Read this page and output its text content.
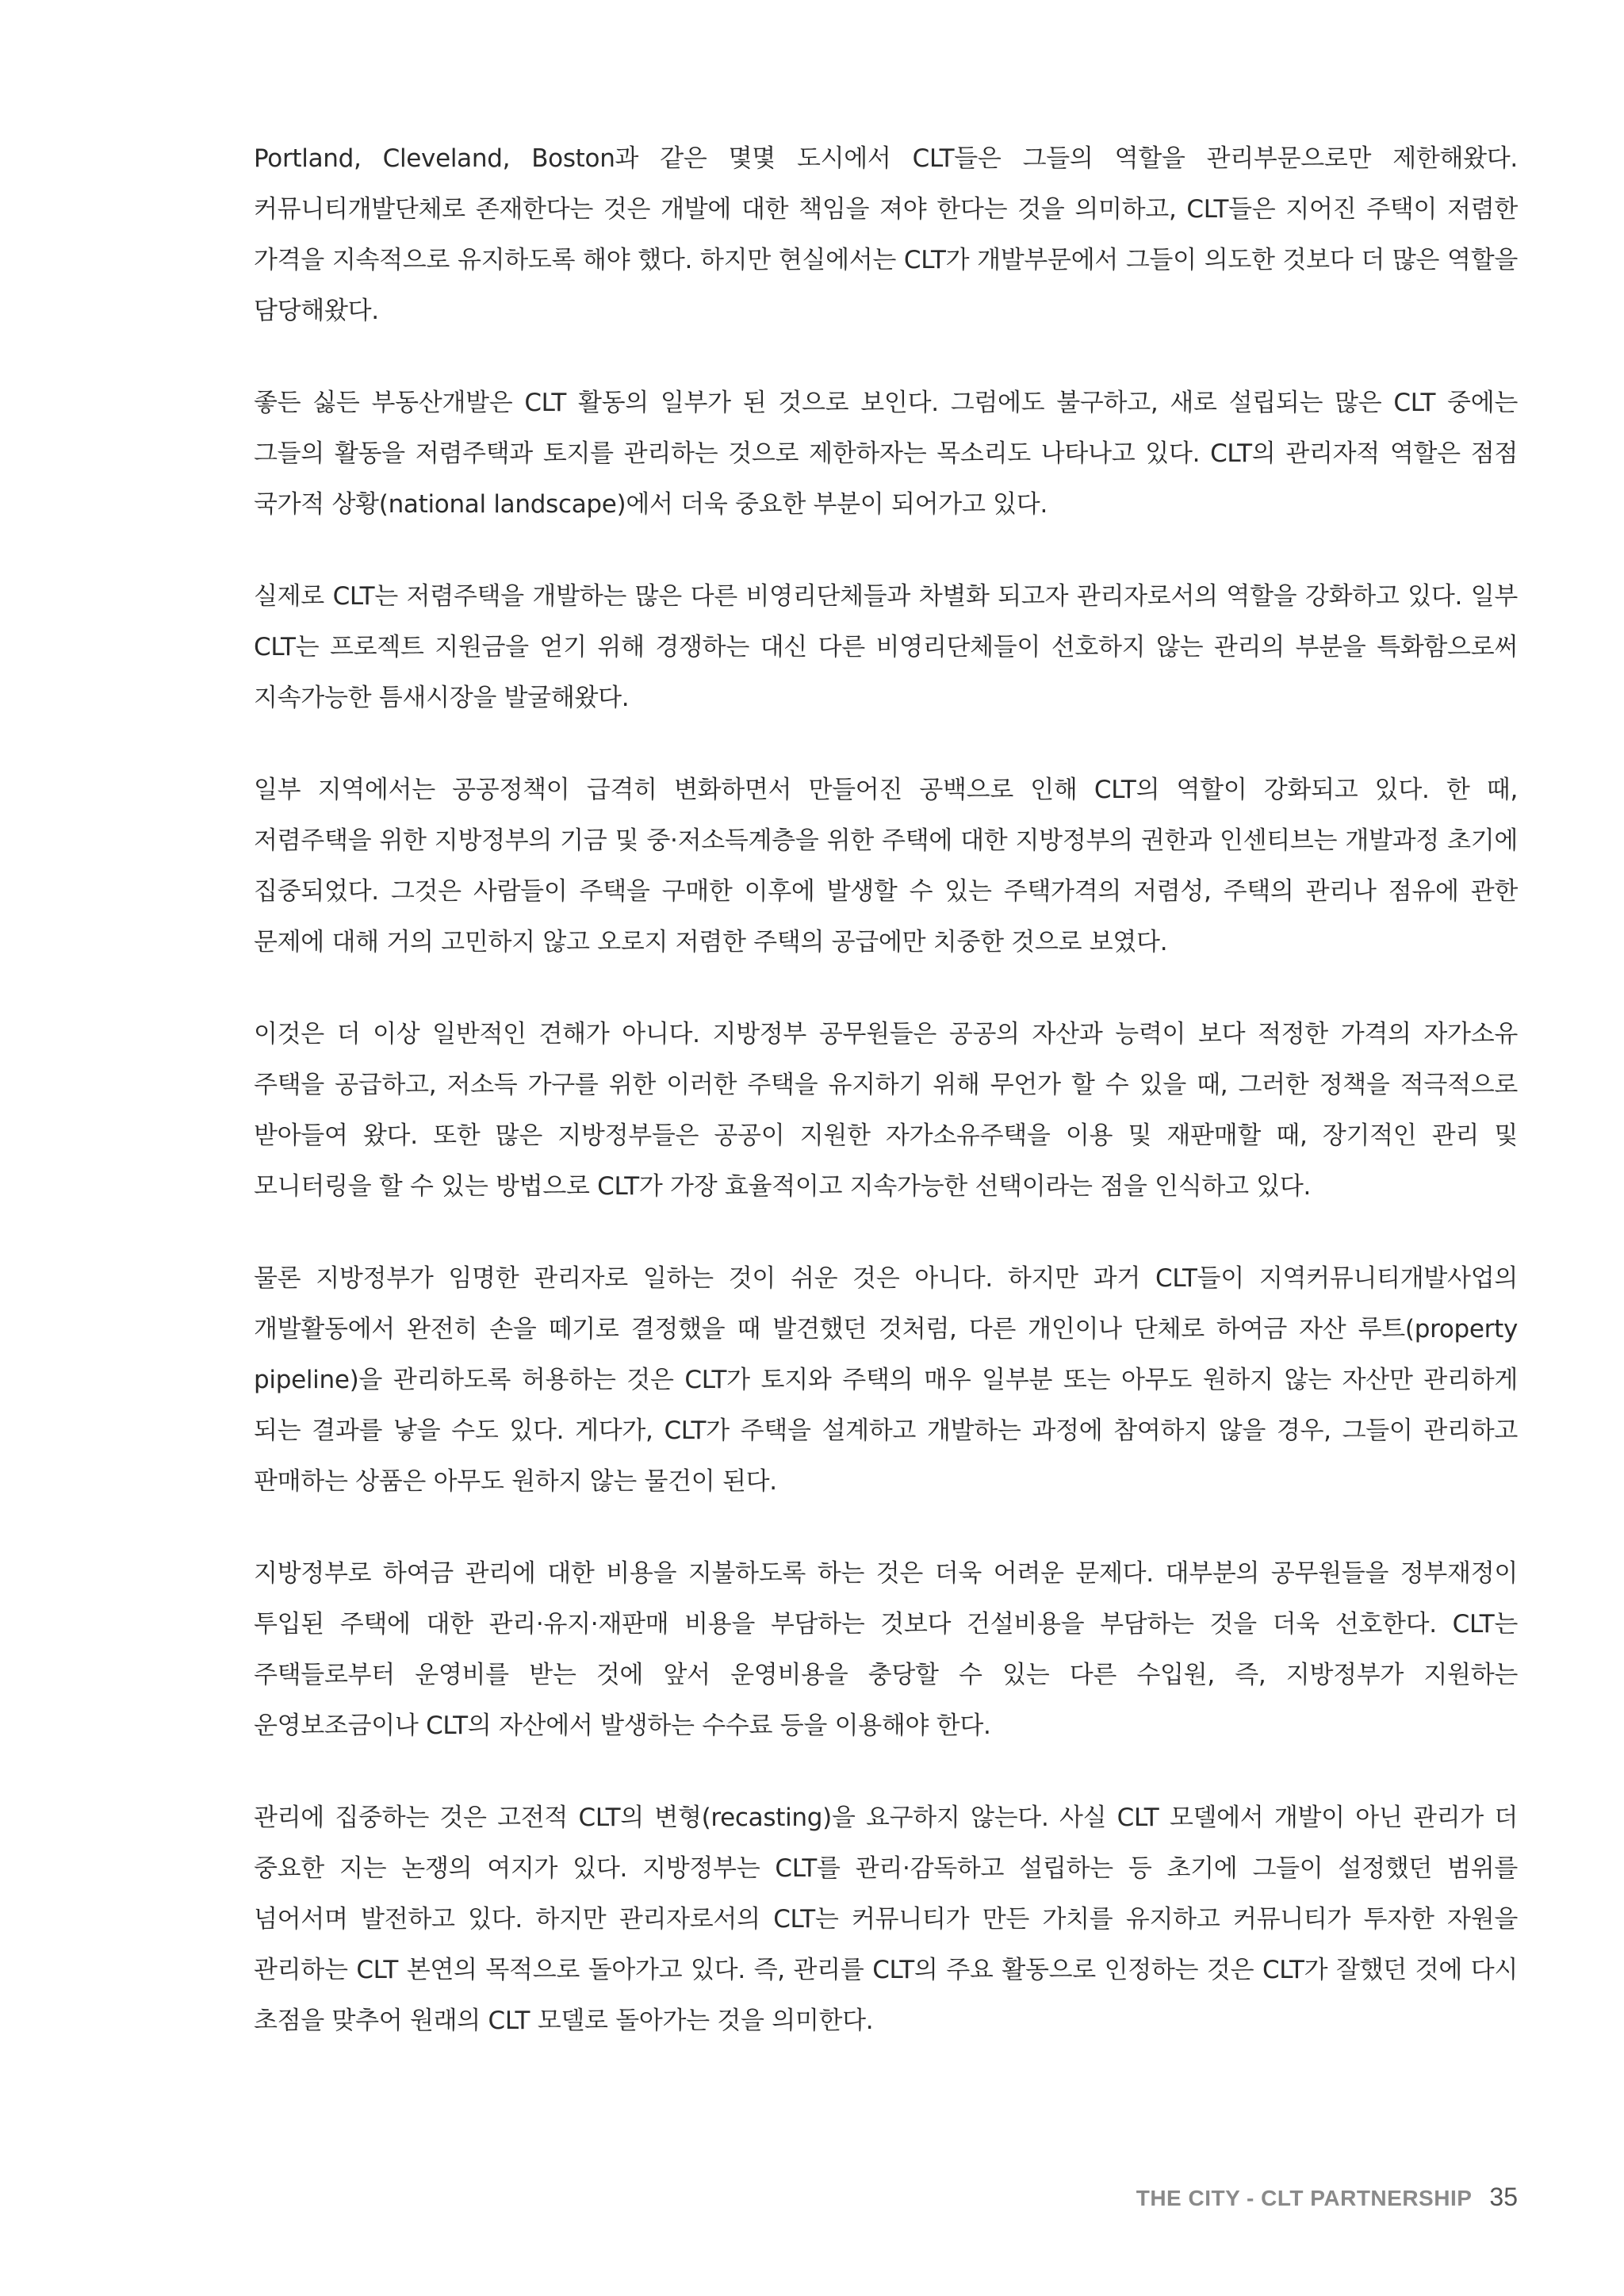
Portland, Cleveland, Boston과 같은 몇몇 도시에서 CLT들은 그들의 역할을 관리부문으로만 제한해왔다. 커뮤니티개발단체로 존재한다는 것은 개발에 대한 책임을 져야 한다는 것을 의미하고, CLT들은 지어진 주택이 저렴한 가격을 지속적으로 유지하도록 해야 했다. 하지만 현실에서는 CLT가 개발부문에서 그들이 의도한 것보다 더 많은 역할을 담당해왔다.

좋든 싫든 부동산개발은 CLT 활동의 일부가 된 것으로 보인다. 그럼에도 불구하고, 새로 설립되는 많은 CLT 중에는 그들의 활동을 저렴주택과 토지를 관리하는 것으로 제한하자는 목소리도 나타나고 있다. CLT의 관리자적 역할은 점점 국가적 상황(national landscape)에서 더욱 중요한 부분이 되어가고 있다.

실제로 CLT는 저렴주택을 개발하는 많은 다른 비영리단체들과 차별화 되고자 관리자로서의 역할을 강화하고 있다. 일부 CLT는 프로젝트 지원금을 얻기 위해 경쟁하는 대신 다른 비영리단체들이 선호하지 않는 관리의 부분을 특화함으로써 지속가능한 틈새시장을 발굴해왔다.

일부 지역에서는 공공정책이 급격히 변화하면서 만들어진 공백으로 인해 CLT의 역할이 강화되고 있다. 한 때, 저렴주택을 위한 지방정부의 기금 및 중·저소득계층을 위한 주택에 대한 지방정부의 권한과 인센티브는 개발과정 초기에 집중되었다. 그것은 사람들이 주택을 구매한 이후에 발생할 수 있는 주택가격의 저렴성, 주택의 관리나 점유에 관한 문제에 대해 거의 고민하지 않고 오로지 저렴한 주택의 공급에만 치중한 것으로 보였다.

이것은 더 이상 일반적인 견해가 아니다. 지방정부 공무원들은 공공의 자산과 능력이 보다 적정한 가격의 자가소유 주택을 공급하고, 저소득 가구를 위한 이러한 주택을 유지하기 위해 무언가 할 수 있을 때, 그러한 정책을 적극적으로 받아들여 왔다. 또한 많은 지방정부들은 공공이 지원한 자가소유주택을 이용 및 재판매할 때, 장기적인 관리 및 모니터링을 할 수 있는 방법으로 CLT가 가장 효율적이고 지속가능한 선택이라는 점을 인식하고 있다.

물론 지방정부가 임명한 관리자로 일하는 것이 쉬운 것은 아니다. 하지만 과거 CLT들이 지역커뮤니티개발사업의 개발활동에서 완전히 손을 떼기로 결정했을 때 발견했던 것처럼, 다른 개인이나 단체로 하여금 자산 루트(property pipeline)을 관리하도록 허용하는 것은 CLT가 토지와 주택의 매우 일부분 또는 아무도 원하지 않는 자산만 관리하게 되는 결과를 낳을 수도 있다. 게다가, CLT가 주택을 설계하고 개발하는 과정에 참여하지 않을 경우, 그들이 관리하고 판매하는 상품은 아무도 원하지 않는 물건이 된다.

지방정부로 하여금 관리에 대한 비용을 지불하도록 하는 것은 더욱 어려운 문제다. 대부분의 공무원들을 정부재정이 투입된 주택에 대한 관리·유지·재판매 비용을 부담하는 것보다 건설비용을 부담하는 것을 더욱 선호한다. CLT는 주택들로부터 운영비를 받는 것에 앞서 운영비용을 충당할 수 있는 다른 수입원, 즉, 지방정부가 지원하는 운영보조금이나 CLT의 자산에서 발생하는 수수료 등을 이용해야 한다.

관리에 집중하는 것은 고전적 CLT의 변형(recasting)을 요구하지 않는다. 사실 CLT 모델에서 개발이 아닌 관리가 더 중요한 지는 논쟁의 여지가 있다. 지방정부는 CLT를 관리·감독하고 설립하는 등 초기에 그들이 설정했던 범위를 넘어서며 발전하고 있다. 하지만 관리자로서의 CLT는 커뮤니티가 만든 가치를 유지하고 커뮤니티가 투자한 자원을 관리하는 CLT 본연의 목적으로 돌아가고 있다. 즉, 관리를 CLT의 주요 활동으로 인정하는 것은 CLT가 잘했던 것에 다시 초점을 맞추어 원래의 CLT 모델로 돌아가는 것을 의미한다.

THE CITY - CLT PARTNERSHIP 35
